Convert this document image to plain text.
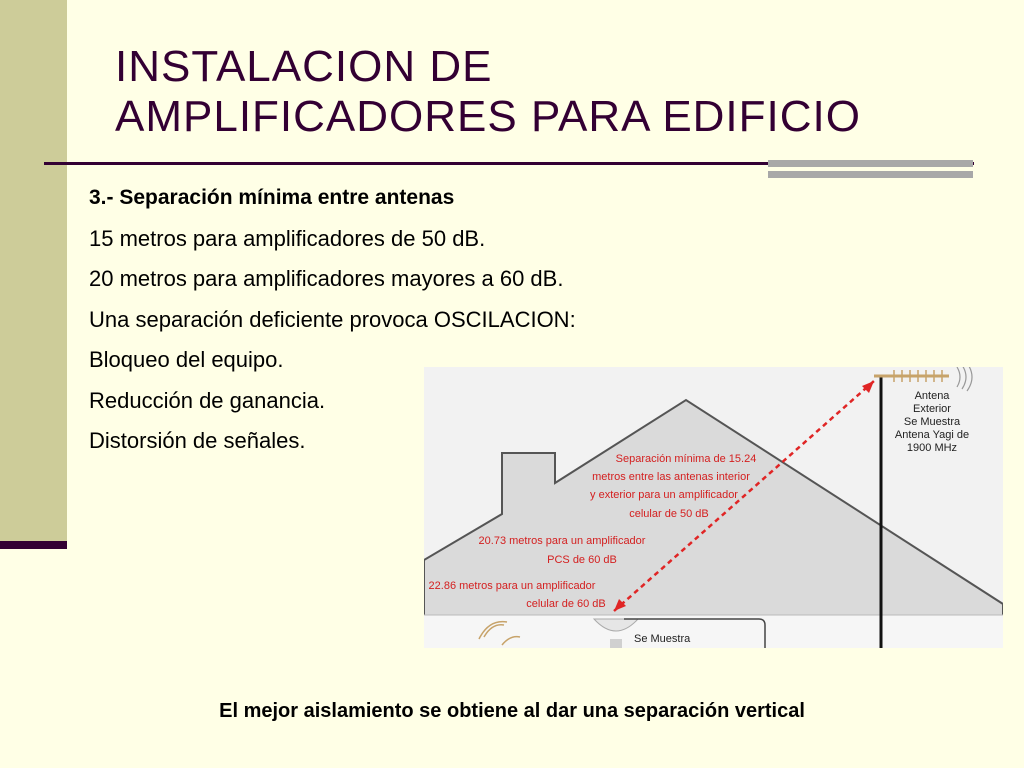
INSTALACION DE
AMPLIFICADORES PARA EDIFICIO
3.- Separación mínima entre antenas
15 metros para amplificadores de 50 dB.
20 metros para amplificadores mayores a 60 dB.
Una separación deficiente provoca OSCILACION:
Bloqueo del equipo.
Reducción de ganancia.
Distorsión de señales.
Antena
Exterior
Se Muestra
Antena Yagi de
1900 MHz
Separación mínima de 15.24
metros entre las antenas interior
y exterior para un amplificador
celular de 50 dB
20.73 metros para un amplificador
PCS de 60 dB
22.86 metros para un amplificador
celular de 60 dB
Se Muestra
El mejor aislamiento se obtiene al dar una separación vertical
